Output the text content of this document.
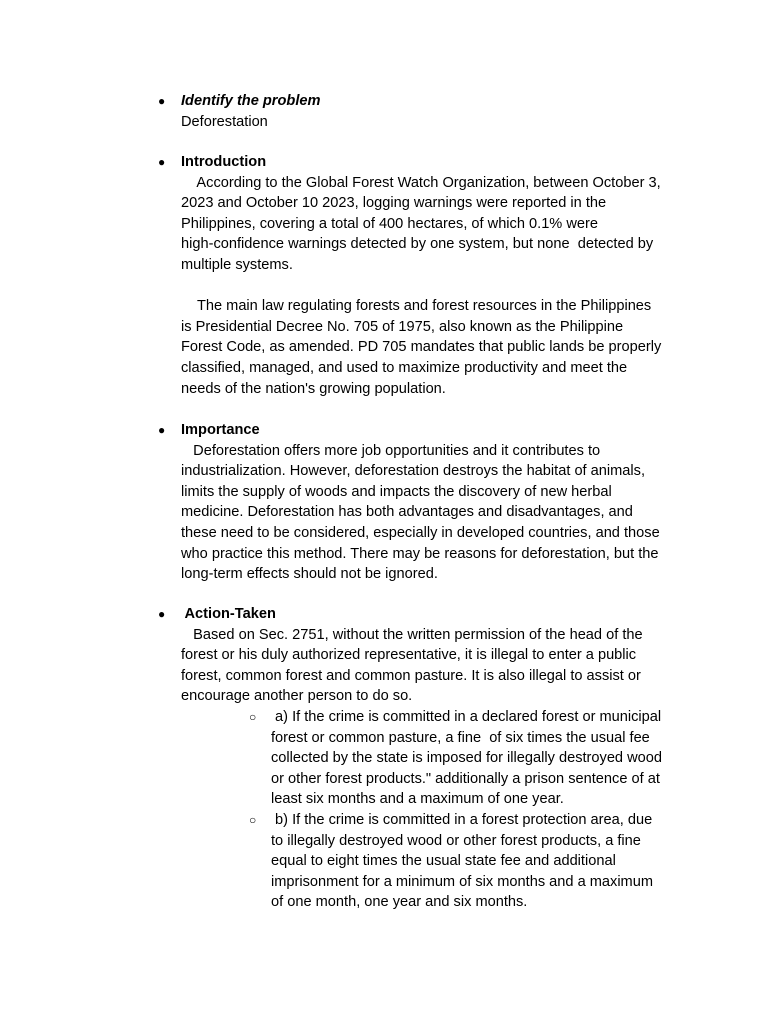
● Identify the problem
Deforestation
● Introduction
According to the Global Forest Watch Organization, between October 3,
2023 and October 10 2023, logging warnings were reported in the
Philippines, covering a total of 400 hectares, of which 0.1% were
high-confidence warnings detected by one system, but none  detected by
multiple systems.
The main law regulating forests and forest resources in the Philippines
is Presidential Decree No. 705 of 1975, also known as the Philippine
Forest Code, as amended. PD 705 mandates that public lands be properly
classified, managed, and used to maximize productivity and meet the
needs of the nation's growing population.
● Importance
Deforestation offers more job opportunities and it contributes to
industrialization. However, deforestation destroys the habitat of animals,
limits the supply of woods and impacts the discovery of new herbal
medicine. Deforestation has both advantages and disadvantages, and
these need to be considered, especially in developed countries, and those
who practice this method. There may be reasons for deforestation, but the
long-term effects should not be ignored.
● Action-Taken
Based on Sec. 2751, without the written permission of the head of the
forest or his duly authorized representative, it is illegal to enter a public
forest, common forest and common pasture. It is also illegal to assist or
encourage another person to do so.
○ a) If the crime is committed in a declared forest or municipal
forest or common pasture, a fine  of six times the usual fee
collected by the state is imposed for illegally destroyed wood
or other forest products." additionally a prison sentence of at
least six months and a maximum of one year.
○ b) If the crime is committed in a forest protection area, due
to illegally destroyed wood or other forest products, a fine
equal to eight times the usual state fee and additional
imprisonment for a minimum of six months and a maximum
of one month, one year and six months.
